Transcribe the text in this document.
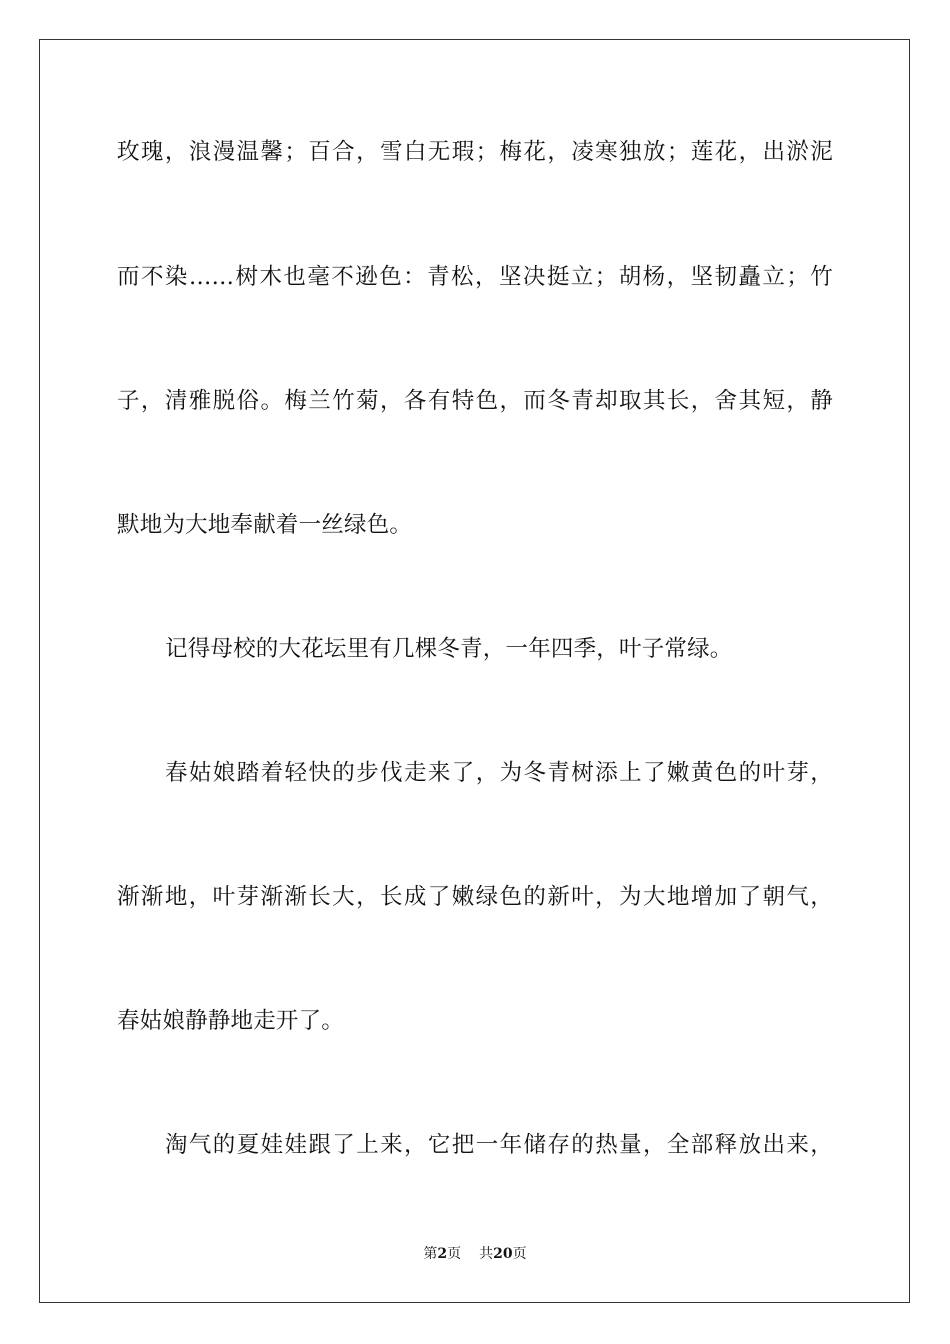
玫瑰，浪漫温馨；百合，雪白无瑕；梅花，凌寒独放；莲花，出淤泥
而不染……树木也毫不逊色：青松，坚决挺立；胡杨，坚韧矗立；竹
子，清雅脱俗。梅兰竹菊，各有特色，而冬青却取其长，舍其短，静
默地为大地奉献着一丝绿色。
记得母校的大花坛里有几棵冬青，一年四季，叶子常绿。
春姑娘踏着轻快的步伐走来了，为冬青树添上了嫩黄色的叶芽，
渐渐地，叶芽渐渐长大，长成了嫩绿色的新叶，为大地增加了朝气，
春姑娘静静地走开了。
淘气的夏娃娃跟了上来，它把一年储存的热量，全部释放出来，
第2页 共20页
